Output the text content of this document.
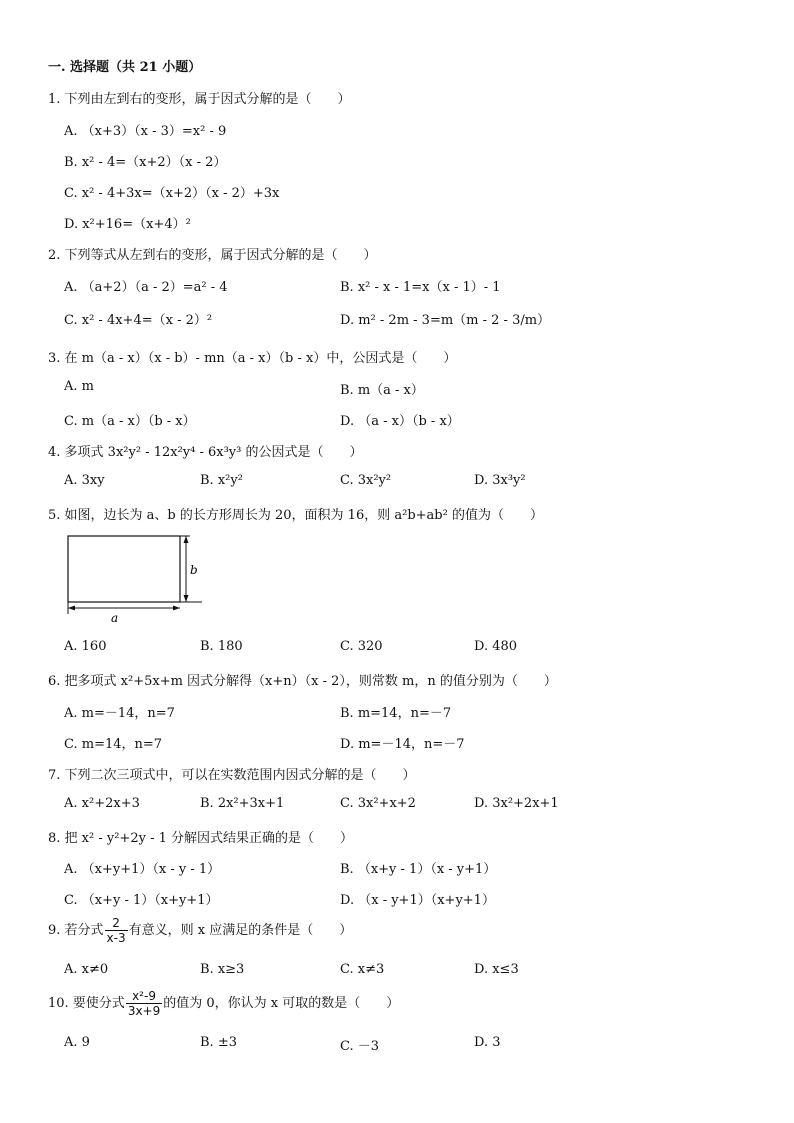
一. 选择题（共 21 小题）
1. 下列由左到右的变形，属于因式分解的是（　　）
A. （x+3）（x - 3）=x² - 9
B. x² - 4=（x+2）（x - 2）
C. x² - 4+3x=（x+2）（x - 2）+3x
D. x²+16=（x+4）²
2. 下列等式从左到右的变形，属于因式分解的是（　　）
A. （a+2）（a - 2）=a² - 4	B. x² - x - 1=x（x - 1）- 1
C. x² - 4x+4=（x - 2）²	D. m² - 2m - 3=m（m - 2 - 3/m）
3. 在 m（a - x）（x - b）- mn（a - x）（b - x）中，公因式是（　　）
A. m	B. m（a - x）
C. m（a - x）（b - x）	D. （a - x）（b - x）
4. 多项式 3x²y² - 12x²y⁴ - 6x³y³ 的公因式是（　　）
A. 3xy	B. x²y²	C. 3x²y²	D. 3x³y²
5. 如图，边长为 a、b 的长方形周长为 20，面积为 16，则 a²b+ab² 的值为（　　）
a
b
A. 160	B. 180	C. 320	D. 480
6. 把多项式 x²+5x+m 因式分解得（x+n）（x - 2），则常数 m，n 的值分别为（　　）
A. m=－14，n=7	B. m=14，n=－7
C. m=14，n=7	D. m=－14，n=－7
7. 下列二次三项式中，可以在实数范围内因式分解的是（　　）
A. x²+2x+3	B. 2x²+3x+1	C. 3x²+x+2	D. 3x²+2x+1
8. 把 x² - y²+2y - 1 分解因式结果正确的是（　　）
A. （x+y+1）（x - y - 1）	B. （x+y - 1）（x - y+1）
C. （x+y - 1）（x+y+1）	D. （x - y+1）（x+y+1）
9. 若分式 $\frac{2}{x-3}$ 有意义，则 x 应满足的条件是（　　）
A. x≠0	B. x≥3	C. x≠3	D. x≤3
10. 要使分式 $\frac{\text{x²-9}}{3x+9}$ 的值为 0，你认为 x 可取的数是（　　）
A. 9	B. ±3	C. －3	D. 3
